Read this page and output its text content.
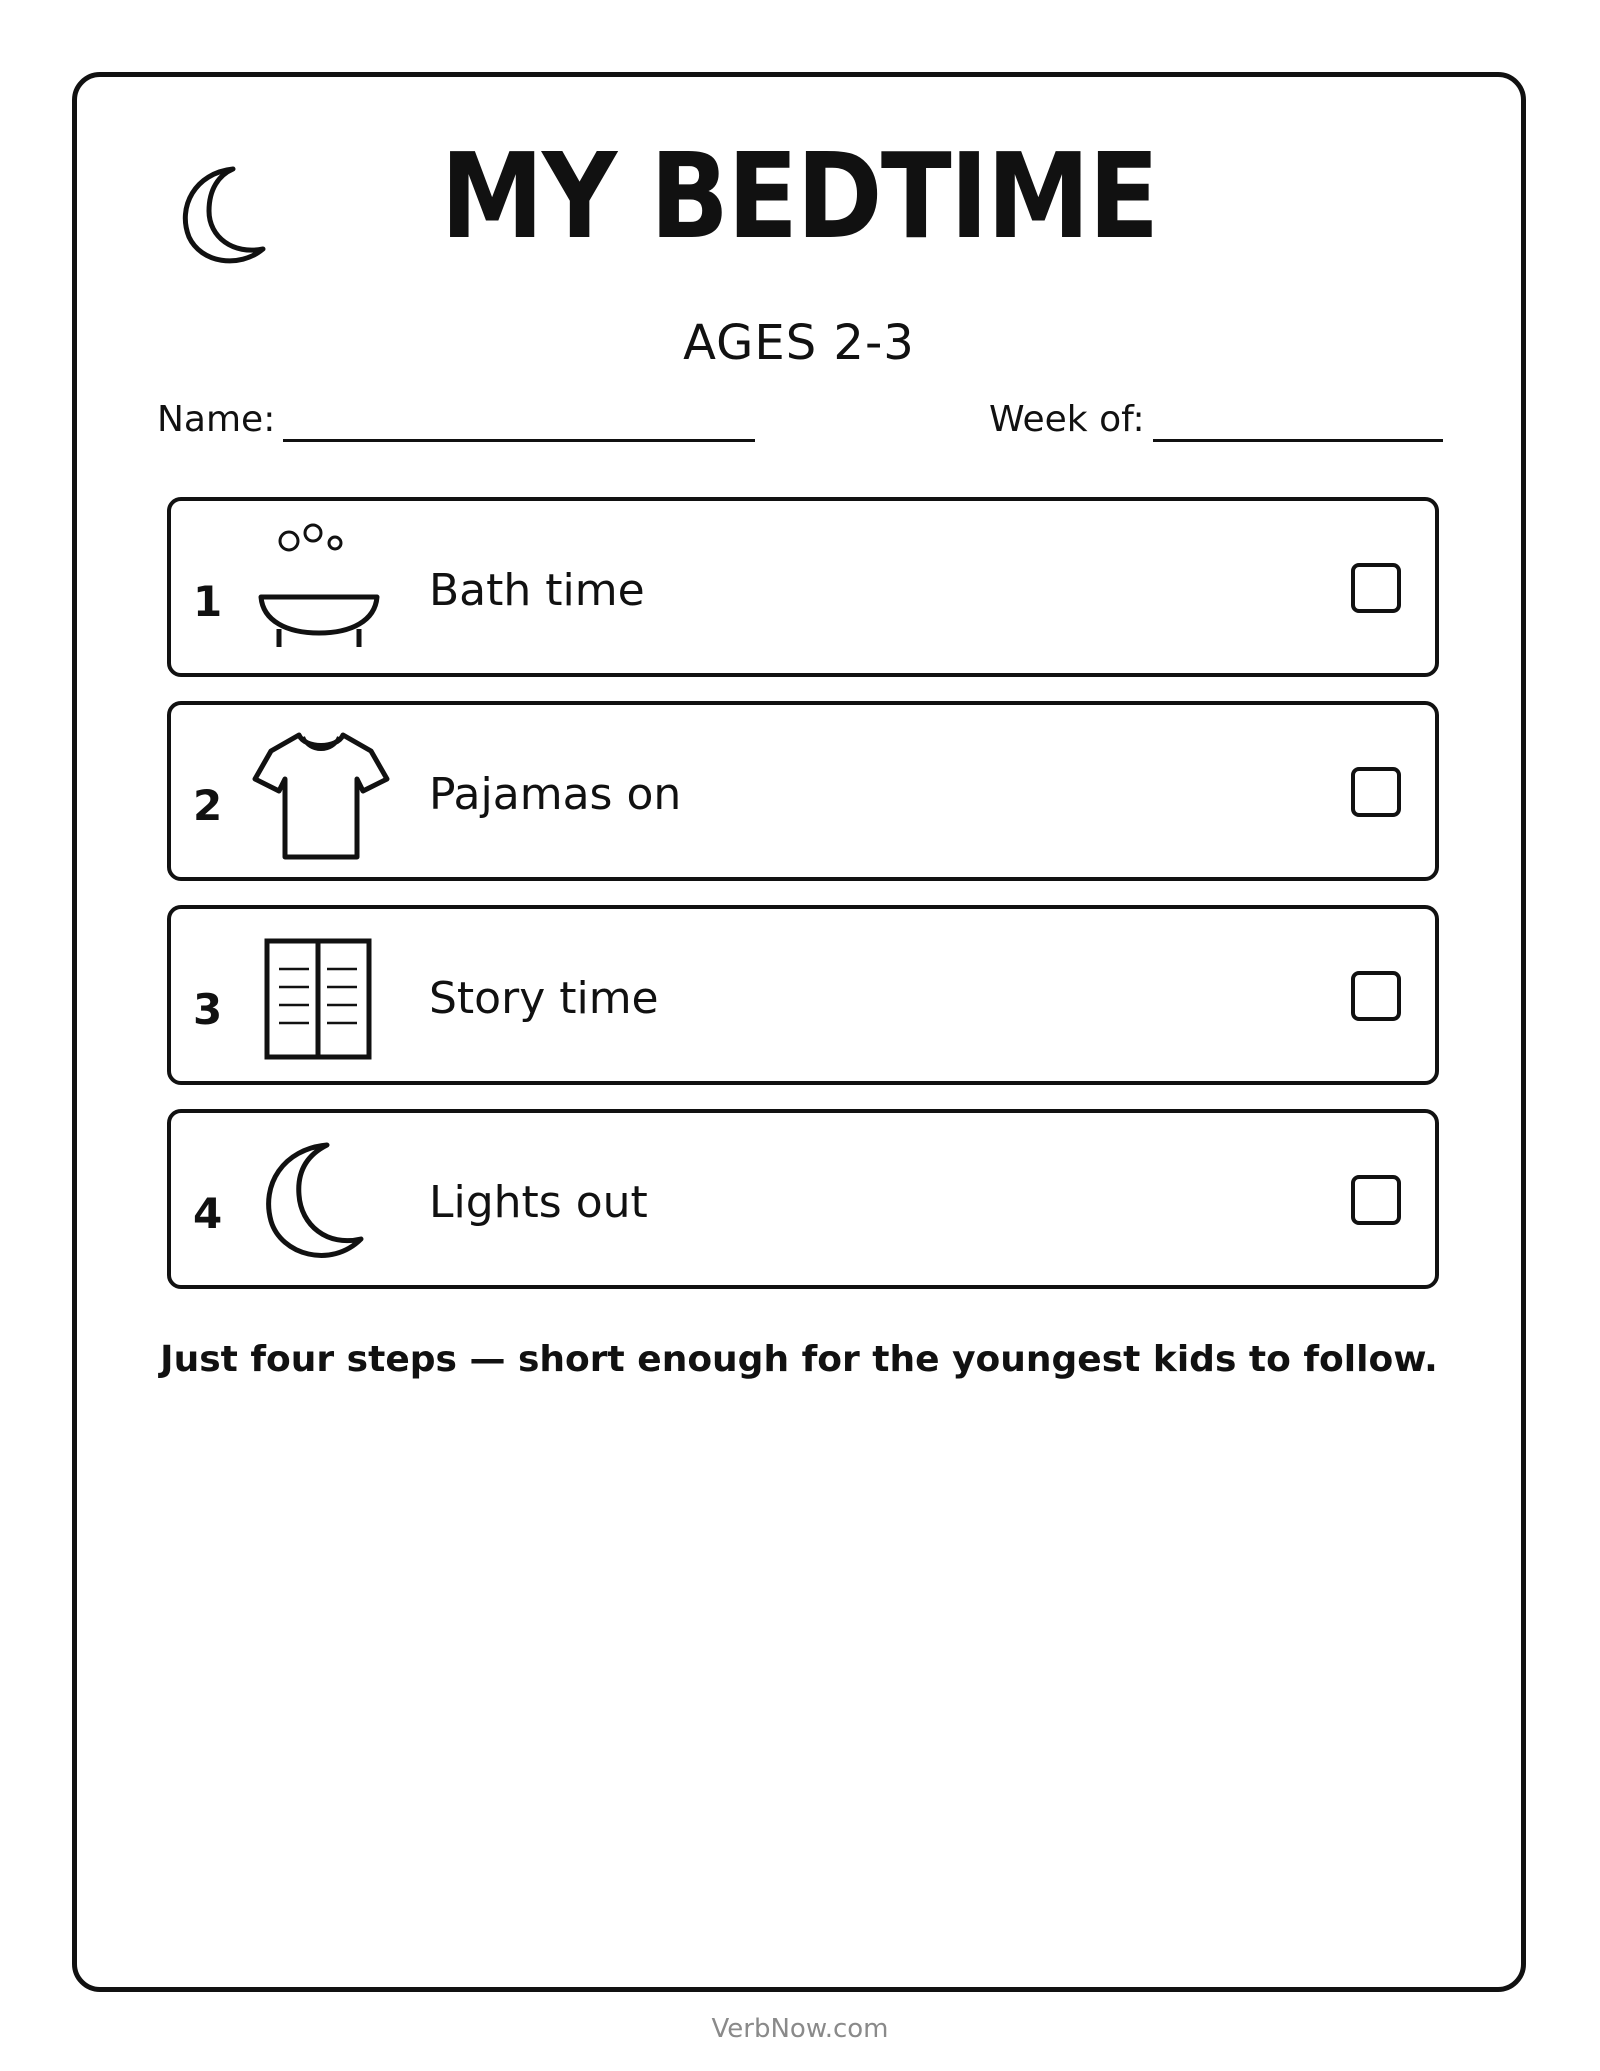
MY BEDTIME
AGES 2-3
Name:	Week of:
1	Bath time
2	Pajamas on
3	Story time
4	Lights out
Just four steps — short enough for the youngest kids to follow.
VerbNow.com
